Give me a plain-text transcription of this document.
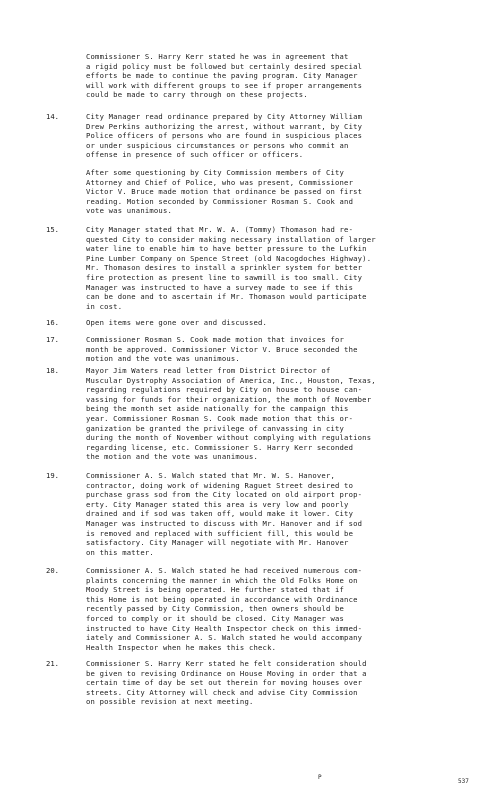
Commissioner S. Harry Kerr stated he was in agreement that
a rigid policy must be followed but certainly desired special
efforts be made to continue the paving program. City Manager
will work with different groups to see if proper arrangements
could be made to carry through on these projects.
14.	City Manager read ordinance prepared by City Attorney William
Drew Perkins authorizing the arrest, without warrant, by City
Police officers of persons who are found in suspicious places
or under suspicious circumstances or persons who commit an
offense in presence of such officer or officers.
After some questioning by City Commission members of City
Attorney and Chief of Police, who was present, Commissioner
Victor V. Bruce made motion that ordinance be passed on first
reading. Motion seconded by Commissioner Rosman S. Cook and
vote was unanimous.
15.	City Manager stated that Mr. W. A. (Tommy) Thomason had re-
quested City to consider making necessary installation of larger
water line to enable him to have better pressure to the Lufkin
Pine Lumber Company on Spence Street (old Nacogdoches Highway).
Mr. Thomason desires to install a sprinkler system for better
fire protection as present line to sawmill is too small. City
Manager was instructed to have a survey made to see if this
can be done and to ascertain if Mr. Thomason would participate
in cost.
16.	Open items were gone over and discussed.
17.	Commissioner Rosman S. Cook made motion that invoices for
month be approved. Commissioner Victor V. Bruce seconded the
motion and the vote was unanimous.
18.	Mayor Jim Waters read letter from District Director of
Muscular Dystrophy Association of America, Inc., Houston, Texas,
regarding regulations required by City on house to house can-
vassing for funds for their organization, the month of November
being the month set aside nationally for the campaign this
year. Commissioner Rosman S. Cook made motion that this or-
ganization be granted the privilege of canvassing in city
during the month of November without complying with regulations
regarding license, etc. Commissioner S. Harry Kerr seconded
the motion and the vote was unanimous.
19.	Commissioner A. S. Walch stated that Mr. W. S. Hanover,
contractor, doing work of widening Raguet Street desired to
purchase grass sod from the City located on old airport prop-
erty. City Manager stated this area is very low and poorly
drained and if sod was taken off, would make it lower. City
Manager was instructed to discuss with Mr. Hanover and if sod
is removed and replaced with sufficient fill, this would be
satisfactory. City Manager will negotiate with Mr. Hanover
on this matter.
20.	Commissioner A. S. Walch stated he had received numerous com-
plaints concerning the manner in which the Old Folks Home on
Moody Street is being operated. He further stated that if
this Home is not being operated in accordance with Ordinance
recently passed by City Commission, then owners should be
forced to comply or it should be closed. City Manager was
instructed to have City Health Inspector check on this immed-
iately and Commissioner A. S. Walch stated he would accompany
Health Inspector when he makes this check.
21.	Commissioner S. Harry Kerr stated he felt consideration should
be given to revising Ordinance on House Moving in order that a
certain time of day be set out therein for moving houses over
streets. City Attorney will check and advise City Commission
on possible revision at next meeting.
P
537
